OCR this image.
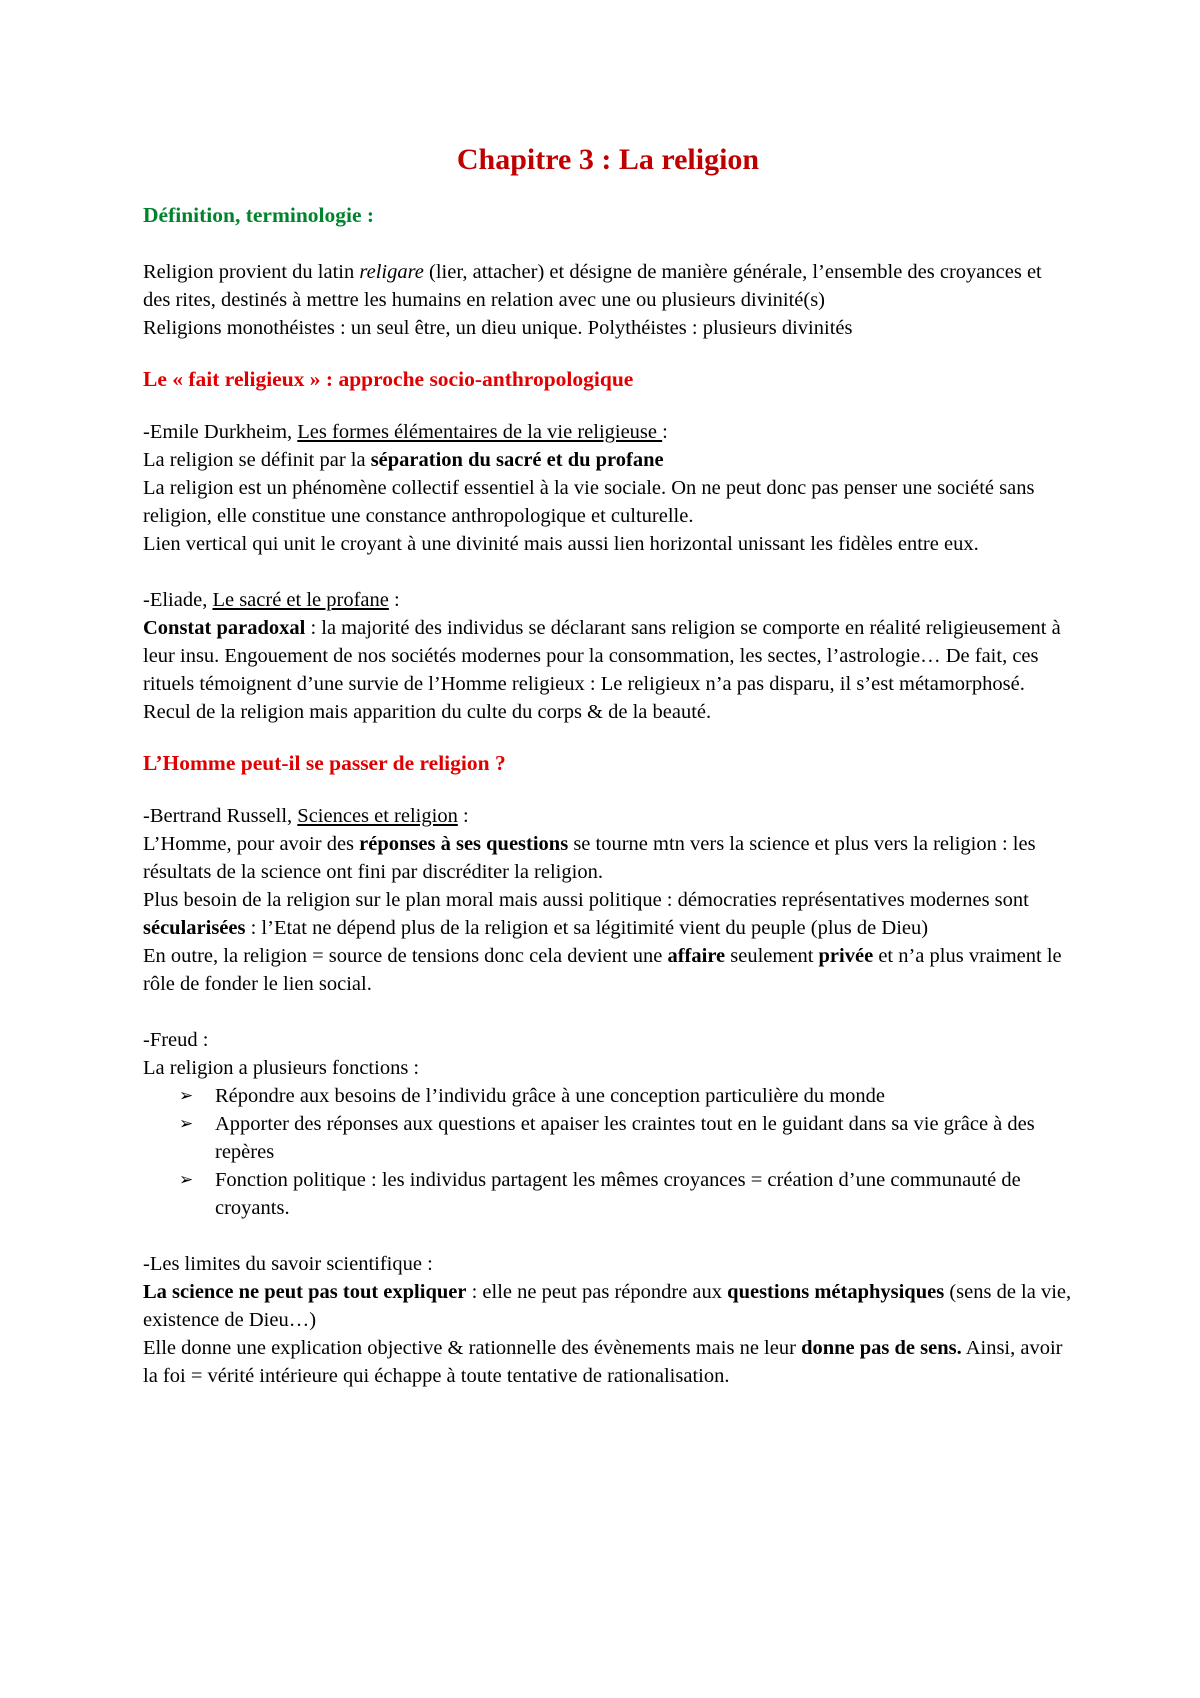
Chapitre 3 : La religion
Définition, terminologie :

Religion provient du latin religare (lier, attacher) et désigne de manière générale, l’ensemble des croyances et des rites, destinés à mettre les humains en relation avec une ou plusieurs divinité(s)

Religions monothéistes : un seul être, un dieu unique. Polythéistes : plusieurs divinités

Le « fait religieux » : approche socio-anthropologique

-Emile Durkheim, Les formes élémentaires de la vie religieuse :

La religion se définit par la séparation du sacré et du profane

La religion est un phénomène collectif essentiel à la vie sociale. On ne peut donc pas penser une société sans religion, elle constitue une constance anthropologique et culturelle.

Lien vertical qui unit le croyant à une divinité mais aussi lien horizontal unissant les fidèles entre eux.

-Eliade, Le sacré et le profane :

Constat paradoxal : la majorité des individus se déclarant sans religion se comporte en réalité religieusement à leur insu. Engouement de nos sociétés modernes pour la consommation, les sectes, l’astrologie… De fait, ces rituels témoignent d’une survie de l’Homme religieux : Le religieux n’a pas disparu, il s’est métamorphosé.

Recul de la religion mais apparition du culte du corps & de la beauté.

L’Homme peut-il se passer de religion ?

-Bertrand Russell, Sciences et religion :

L’Homme, pour avoir des réponses à ses questions se tourne mtn vers la science et plus vers la religion : les résultats de la science ont fini par discréditer la religion.

Plus besoin de la religion sur le plan moral mais aussi politique : démocraties représentatives modernes sont sécularisées : l’Etat ne dépend plus de la religion et sa légitimité vient du peuple (plus de Dieu)

En outre, la religion = source de tensions donc cela devient une affaire seulement privée et n’a plus vraiment le rôle de fonder le lien social.

-Freud :

La religion a plusieurs fonctions :

➢	Répondre aux besoins de l’individu grâce à une conception particulière du monde
➢	Apporter des réponses aux questions et apaiser les craintes tout en le guidant dans sa vie grâce à des repères
➢	Fonction politique : les individus partagent les mêmes croyances = création d’une communauté de croyants.

-Les limites du savoir scientifique :

La science ne peut pas tout expliquer : elle ne peut pas répondre aux questions métaphysiques (sens de la vie, existence de Dieu…)

Elle donne une explication objective & rationnelle des évènements mais ne leur donne pas de sens. Ainsi, avoir la foi = vérité intérieure qui échappe à toute tentative de rationalisation.
